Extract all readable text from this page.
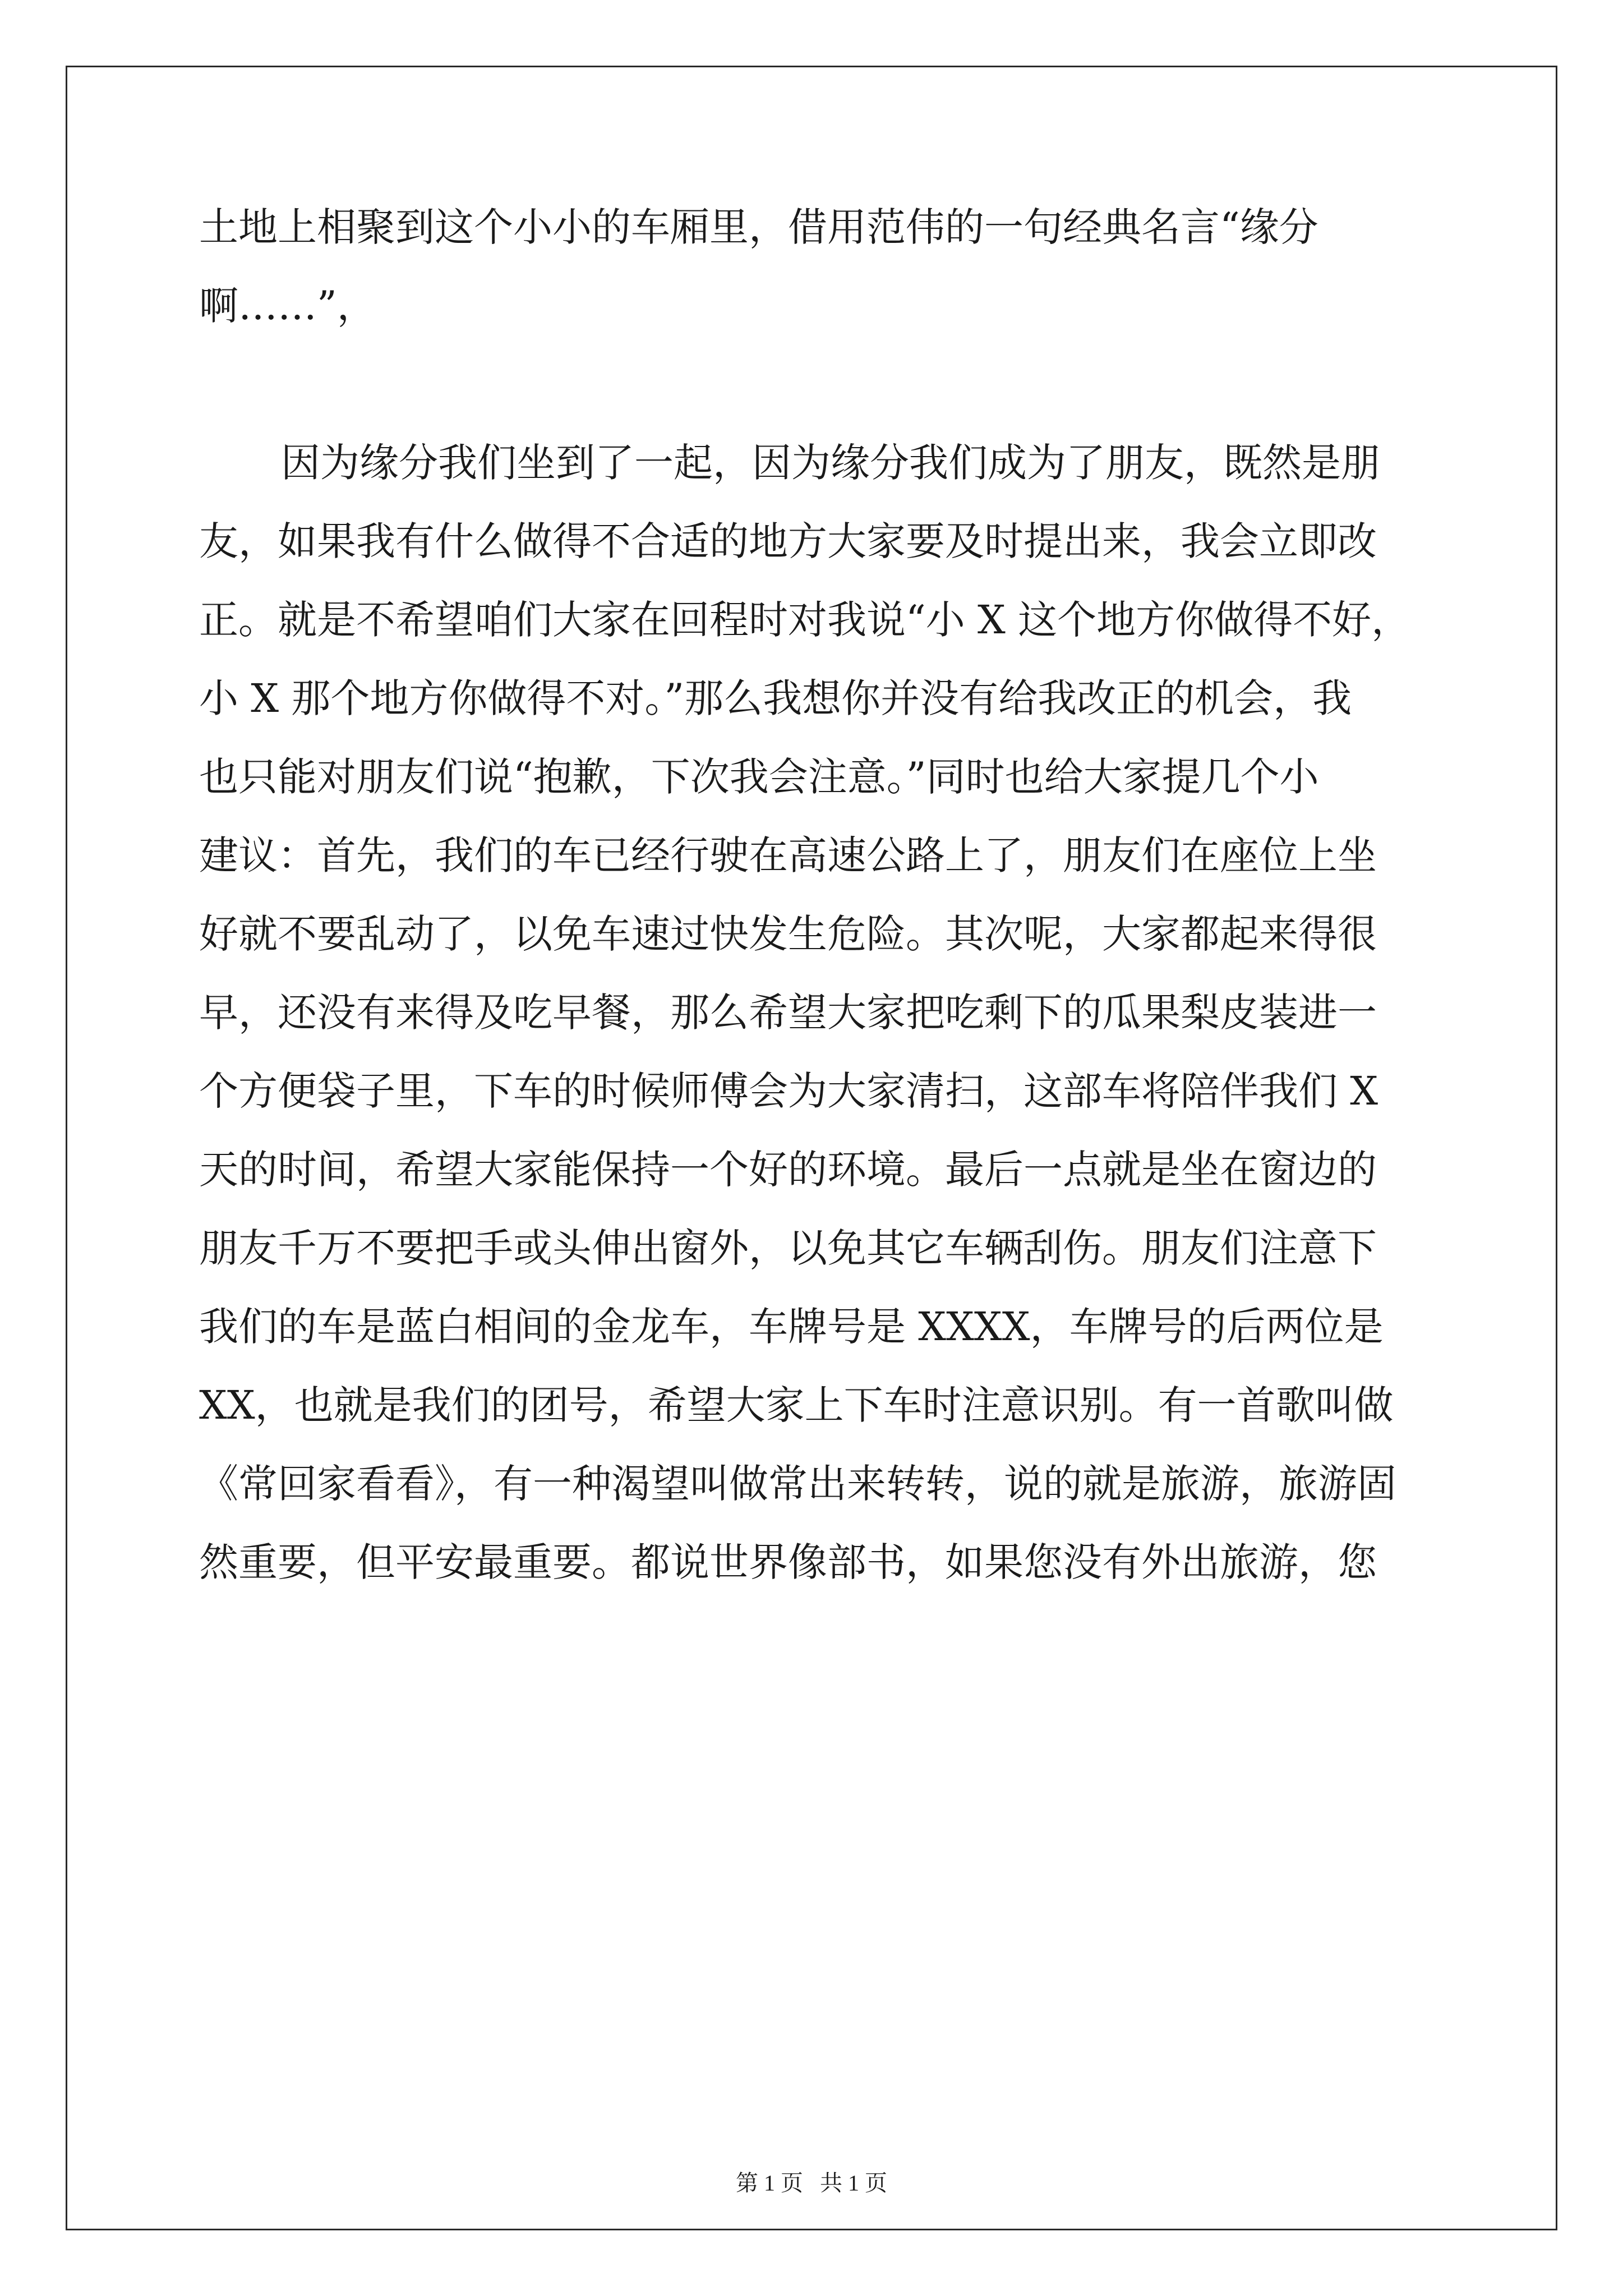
土地上相聚到这个小小的车厢里，借用范伟的一句经典名言“缘分
啊……”，
因为缘分我们坐到了一起，因为缘分我们成为了朋友，既然是朋
友，如果我有什么做得不合适的地方大家要及时提出来，我会立即改
正。就是不希望咱们大家在回程时对我说“小 X 这个地方你做得不好，
小 X 那个地方你做得不对。”那么我想你并没有给我改正的机会，我
也只能对朋友们说“抱歉，下次我会注意。”同时也给大家提几个小
建议：首先，我们的车已经行驶在高速公路上了，朋友们在座位上坐
好就不要乱动了，以免车速过快发生危险。其次呢，大家都起来得很
早，还没有来得及吃早餐，那么希望大家把吃剩下的瓜果梨皮装进一
个方便袋子里，下车的时候师傅会为大家清扫，这部车将陪伴我们 X
天的时间，希望大家能保持一个好的环境。最后一点就是坐在窗边的
朋友千万不要把手或头伸出窗外，以免其它车辆刮伤。朋友们注意下
我们的车是蓝白相间的金龙车，车牌号是 XXXX，车牌号的后两位是
XX，也就是我们的团号，希望大家上下车时注意识别。有一首歌叫做
《常回家看看》，有一种渴望叫做常出来转转，说的就是旅游，旅游固
然重要，但平安最重要。都说世界像部书，如果您没有外出旅游，您
第 1 页 共 1 页
